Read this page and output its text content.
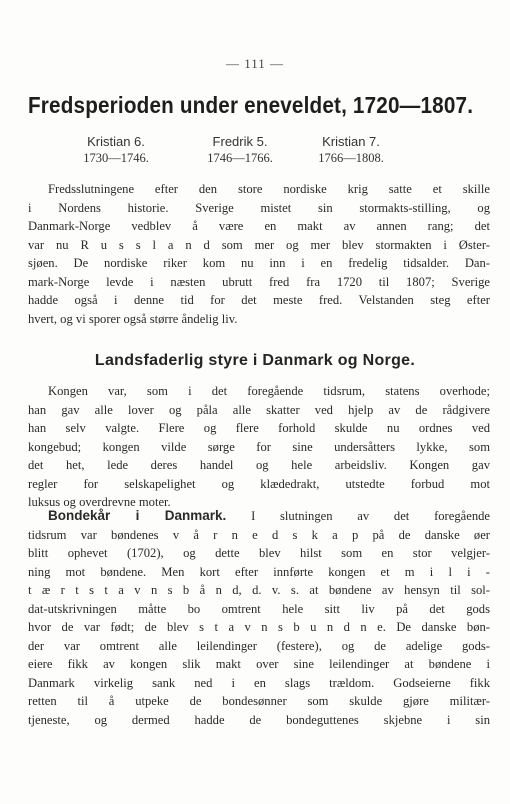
— 111 —
Fredsperioden under eneveldet, 1720—1807.
Kristian 6.
1730—1746.
Fredrik 5.
1746—1766.
Kristian 7.
1766—1808.
Fredsslutningene efter den store nordiske krig satte et skille
i Nordens historie. Sverige mistet sin stormakts-stilling, og
Danmark-Norge vedblev å være en makt av annen rang; det
var nu R u s s l a n d som mer og mer blev stormakten i Øster-
sjøen. De nordiske riker kom nu inn i en fredelig tidsalder. Dan-
mark-Norge levde i næsten ubrutt fred fra 1720 til 1807; Sverige
hadde også i denne tid for det meste fred. Velstanden steg efter
hvert, og vi sporer også større åndelig liv.
Landsfaderlig styre i Danmark og Norge.
Kongen var, som i det foregående tidsrum, statens overhode;
han gav alle lover og påla alle skatter ved hjelp av de rådgivere
han selv valgte. Flere og flere forhold skulde nu ordnes ved
kongebud; kongen vilde sørge for sine undersåtters lykke, som
det het, lede deres handel og hele arbeidsliv. Kongen gav
regler for selskapelighet og klædedrakt, utstedte forbud mot
luksus og overdrevne moter.
Bondekår i Danmark. I slutningen av det foregående
tidsrum var bøndenes v å r n e d s k a p på de danske øer
blitt ophevet (1702), og dette blev hilst som en stor velgjer-
ning mot bøndene. Men kort efter innførte kongen et m i l i -
t æ r t s t a v n s b å n d, d. v. s. at bøndene av hensyn til sol-
dat-utskrivningen måtte bo omtrent hele sitt liv på det gods
hvor de var født; de blev s t a v n s b u n d n e. De danske bøn-
der var omtrent alle leilendinger (festere), og de adelige gods-
eiere fikk av kongen slik makt over sine leilendinger at bøndene i
Danmark virkelig sank ned i en slags trældom. Godseierne fikk
retten til å utpeke de bondesønner som skulde gjøre militær-
tjeneste, og dermed hadde de bondeguttenes skjebne i sin
